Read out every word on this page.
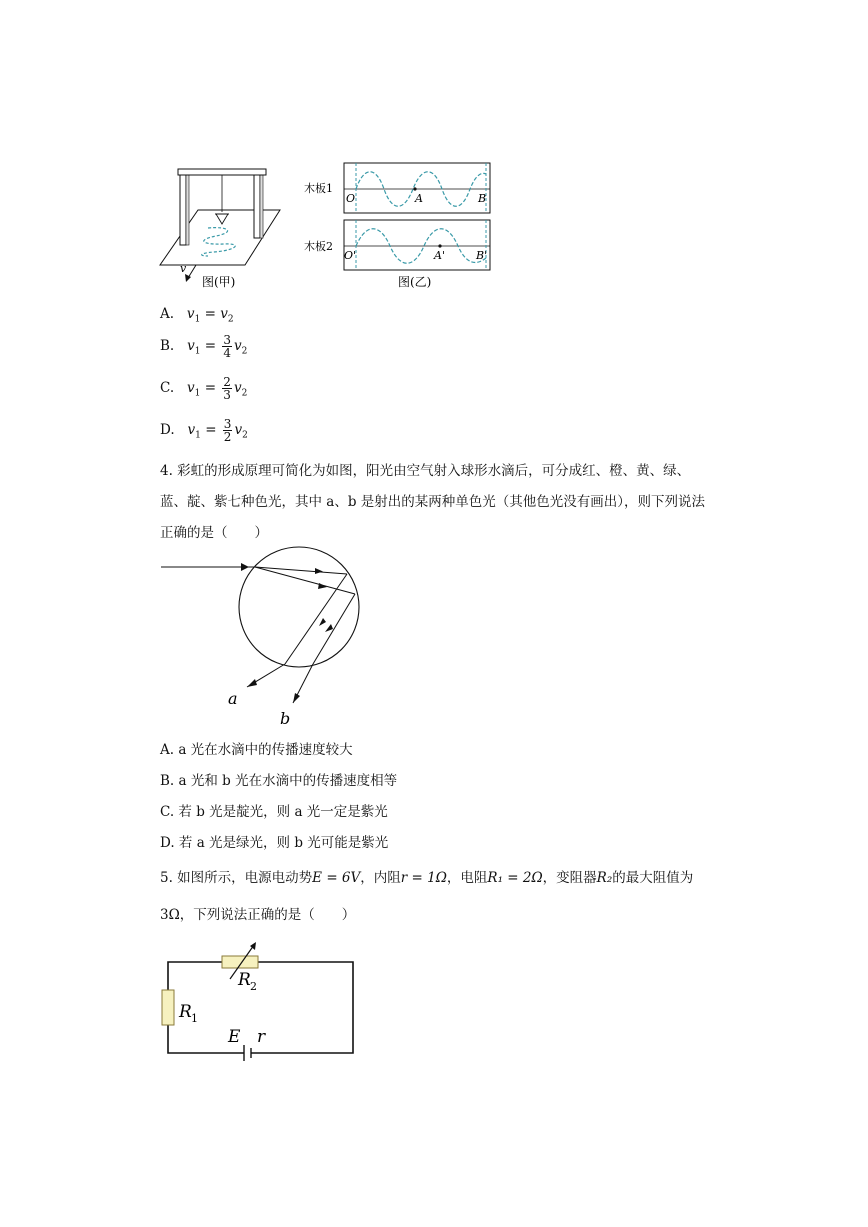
v
图(甲)
木板1
O	A	B
木板2
O'	A'	B'
图(乙)
A. $v_1 = v_2$
B. $v_1 = \frac{3}{4} v_2$
C. $v_1 = \frac{2}{3} v_2$
D. $v_1 = \frac{3}{2} v_2$
4. 彩虹的形成原理可简化为如图，阳光由空气射入球形水滴后，可分成红、橙、黄、绿、
蓝、靛、紫七种色光，其中 a、b 是射出的某两种单色光（其他色光没有画出），则下列说法
正确的是（　　）
a
b
A. a 光在水滴中的传播速度较大
B. a 光和 b 光在水滴中的传播速度相等
C. 若 b 光是靛光，则 a 光一定是紫光
D. 若 a 光是绿光，则 b 光可能是紫光
5. 如图所示，电源电动势E = 6V，内阻r = 1Ω，电阻R₁ = 2Ω，变阻器R₂的最大阻值为
3Ω，下列说法正确的是（　　）
R 2
R 1
E r
